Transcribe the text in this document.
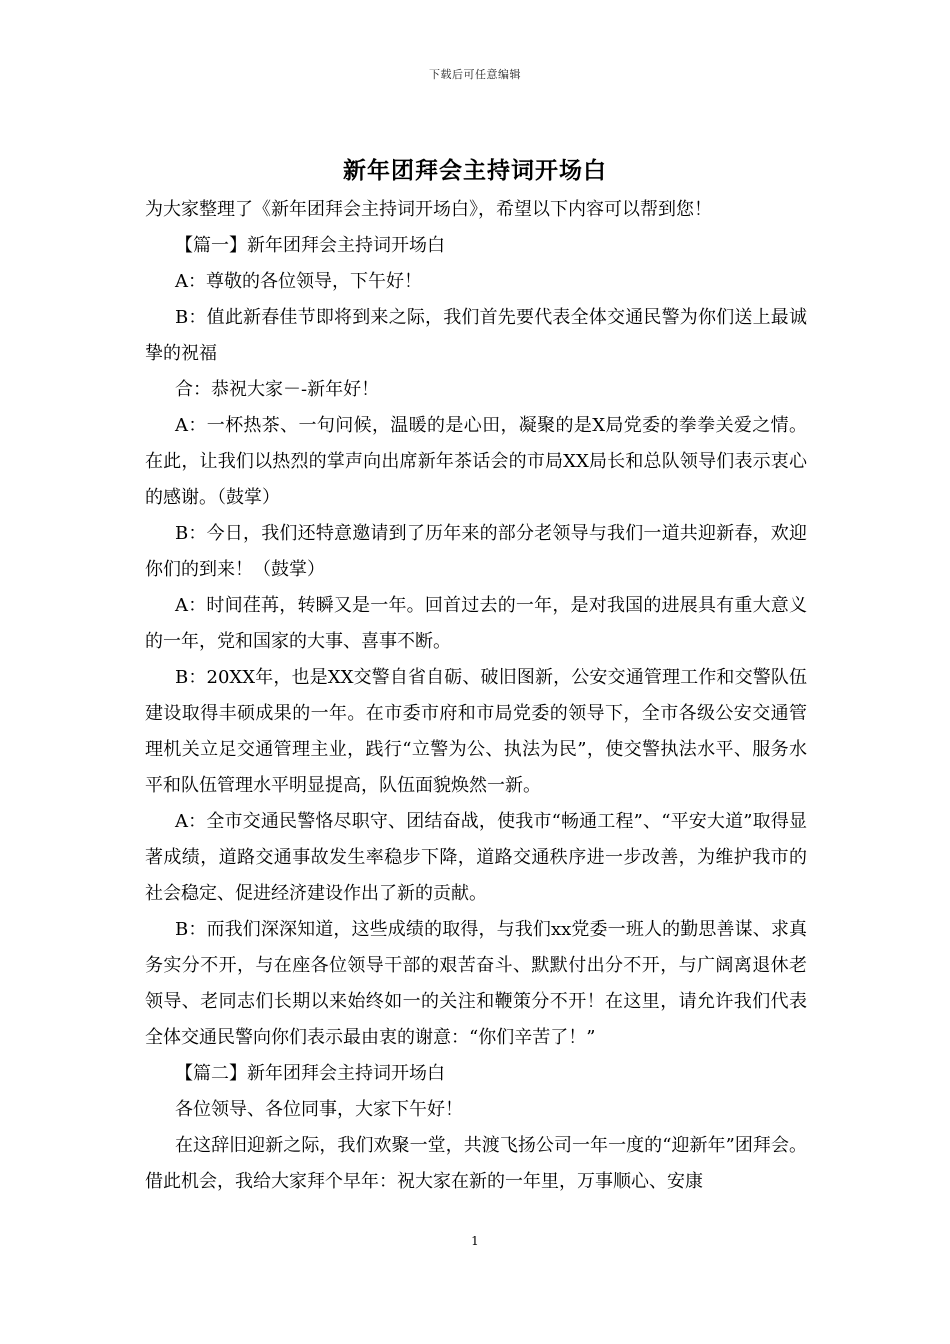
下载后可任意编辑
新年团拜会主持词开场白

为大家整理了《新年团拜会主持词开场白》，希望以下内容可以帮到您！

【篇一】新年团拜会主持词开场白

A：尊敬的各位领导，下午好！

B：值此新春佳节即将到来之际，我们首先要代表全体交通民警为你们送上最诚挚的祝福

合：恭祝大家－-新年好！

A：一杯热茶、一句问候，温暖的是心田，凝聚的是X局党委的拳拳关爱之情。在此，让我们以热烈的掌声向出席新年茶话会的市局XX局长和总队领导们表示衷心的感谢。（鼓掌）

B：今日，我们还特意邀请到了历年来的部分老领导与我们一道共迎新春，欢迎你们的到来！（鼓掌）

A：时间荏苒，转瞬又是一年。回首过去的一年，是对我国的进展具有重大意义的一年，党和国家的大事、喜事不断。

B：20XX年，也是XX交警自省自砺、破旧图新，公安交通管理工作和交警队伍建设取得丰硕成果的一年。在市委市府和市局党委的领导下，全市各级公安交通管理机关立足交通管理主业，践行“立警为公、执法为民”，使交警执法水平、服务水平和队伍管理水平明显提高，队伍面貌焕然一新。

A：全市交通民警恪尽职守、团结奋战，使我市“畅通工程”、“平安大道”取得显著成绩，道路交通事故发生率稳步下降，道路交通秩序进一步改善，为维护我市的社会稳定、促进经济建设作出了新的贡献。

B：而我们深深知道，这些成绩的取得，与我们xx党委一班人的勤思善谋、求真务实分不开，与在座各位领导干部的艰苦奋斗、默默付出分不开，与广阔离退休老领导、老同志们长期以来始终如一的关注和鞭策分不开！在这里，请允许我们代表全体交通民警向你们表示最由衷的谢意：“你们辛苦了！”

【篇二】新年团拜会主持词开场白

各位领导、各位同事，大家下午好！

在这辞旧迎新之际，我们欢聚一堂，共渡飞扬公司一年一度的“迎新年”团拜会。借此机会，我给大家拜个早年：祝大家在新的一年里，万事顺心、安康

1
